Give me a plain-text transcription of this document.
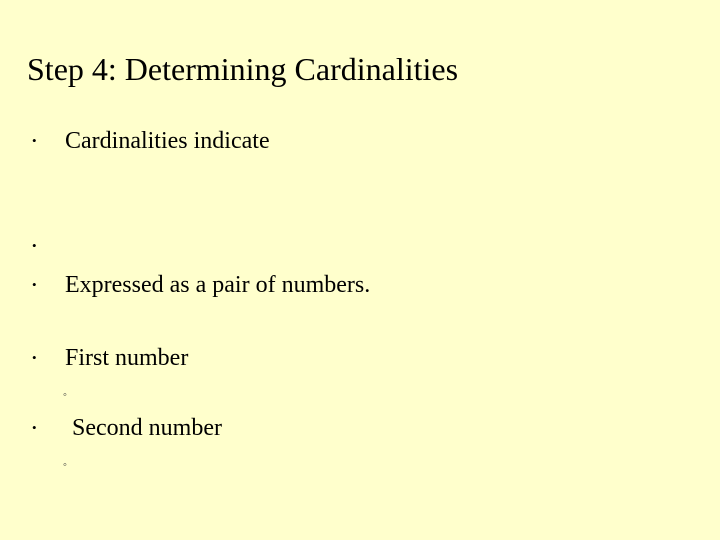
Step 4: Determining Cardinalities
• Cardinalities indicate
•
• Expressed as a pair of numbers.
• First number
◦
• Second number
◦
